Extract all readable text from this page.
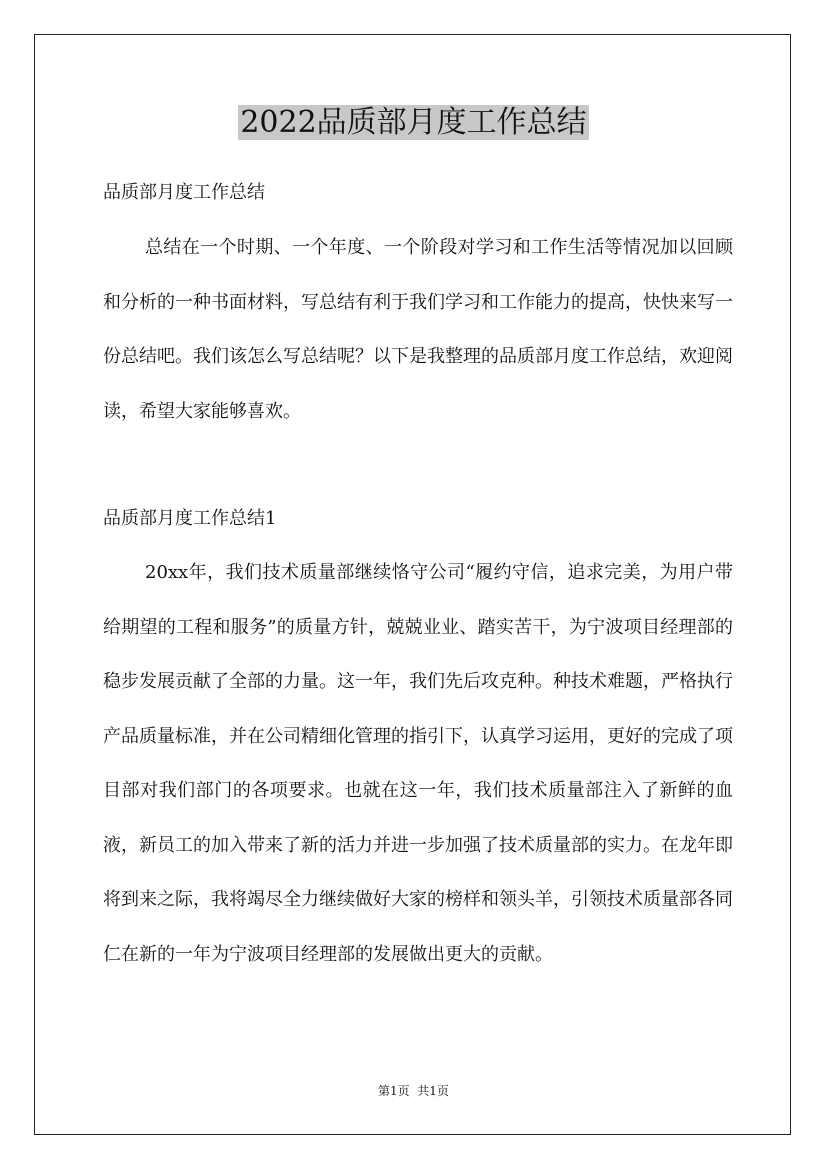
2022品质部月度工作总结
品质部月度工作总结

总结在一个时期、一个年度、一个阶段对学习和工作生活等情况加以回顾和分析的一种书面材料，写总结有利于我们学习和工作能力的提高，快快来写一份总结吧。我们该怎么写总结呢？以下是我整理的品质部月度工作总结，欢迎阅读，希望大家能够喜欢。

品质部月度工作总结1

20xx年，我们技术质量部继续恪守公司“履约守信，追求完美，为用户带给期望的工程和服务”的质量方针，兢兢业业、踏实苦干，为宁波项目经理部的稳步发展贡献了全部的力量。这一年，我们先后攻克种。种技术难题，严格执行产品质量标准，并在公司精细化管理的指引下，认真学习运用，更好的完成了项目部对我们部门的各项要求。也就在这一年，我们技术质量部注入了新鲜的血液，新员工的加入带来了新的活力并进一步加强了技术质量部的实力。在龙年即将到来之际，我将竭尽全力继续做好大家的榜样和领头羊，引领技术质量部各同仁在新的一年为宁波项目经理部的发展做出更大的贡献。

第1页  共1页
